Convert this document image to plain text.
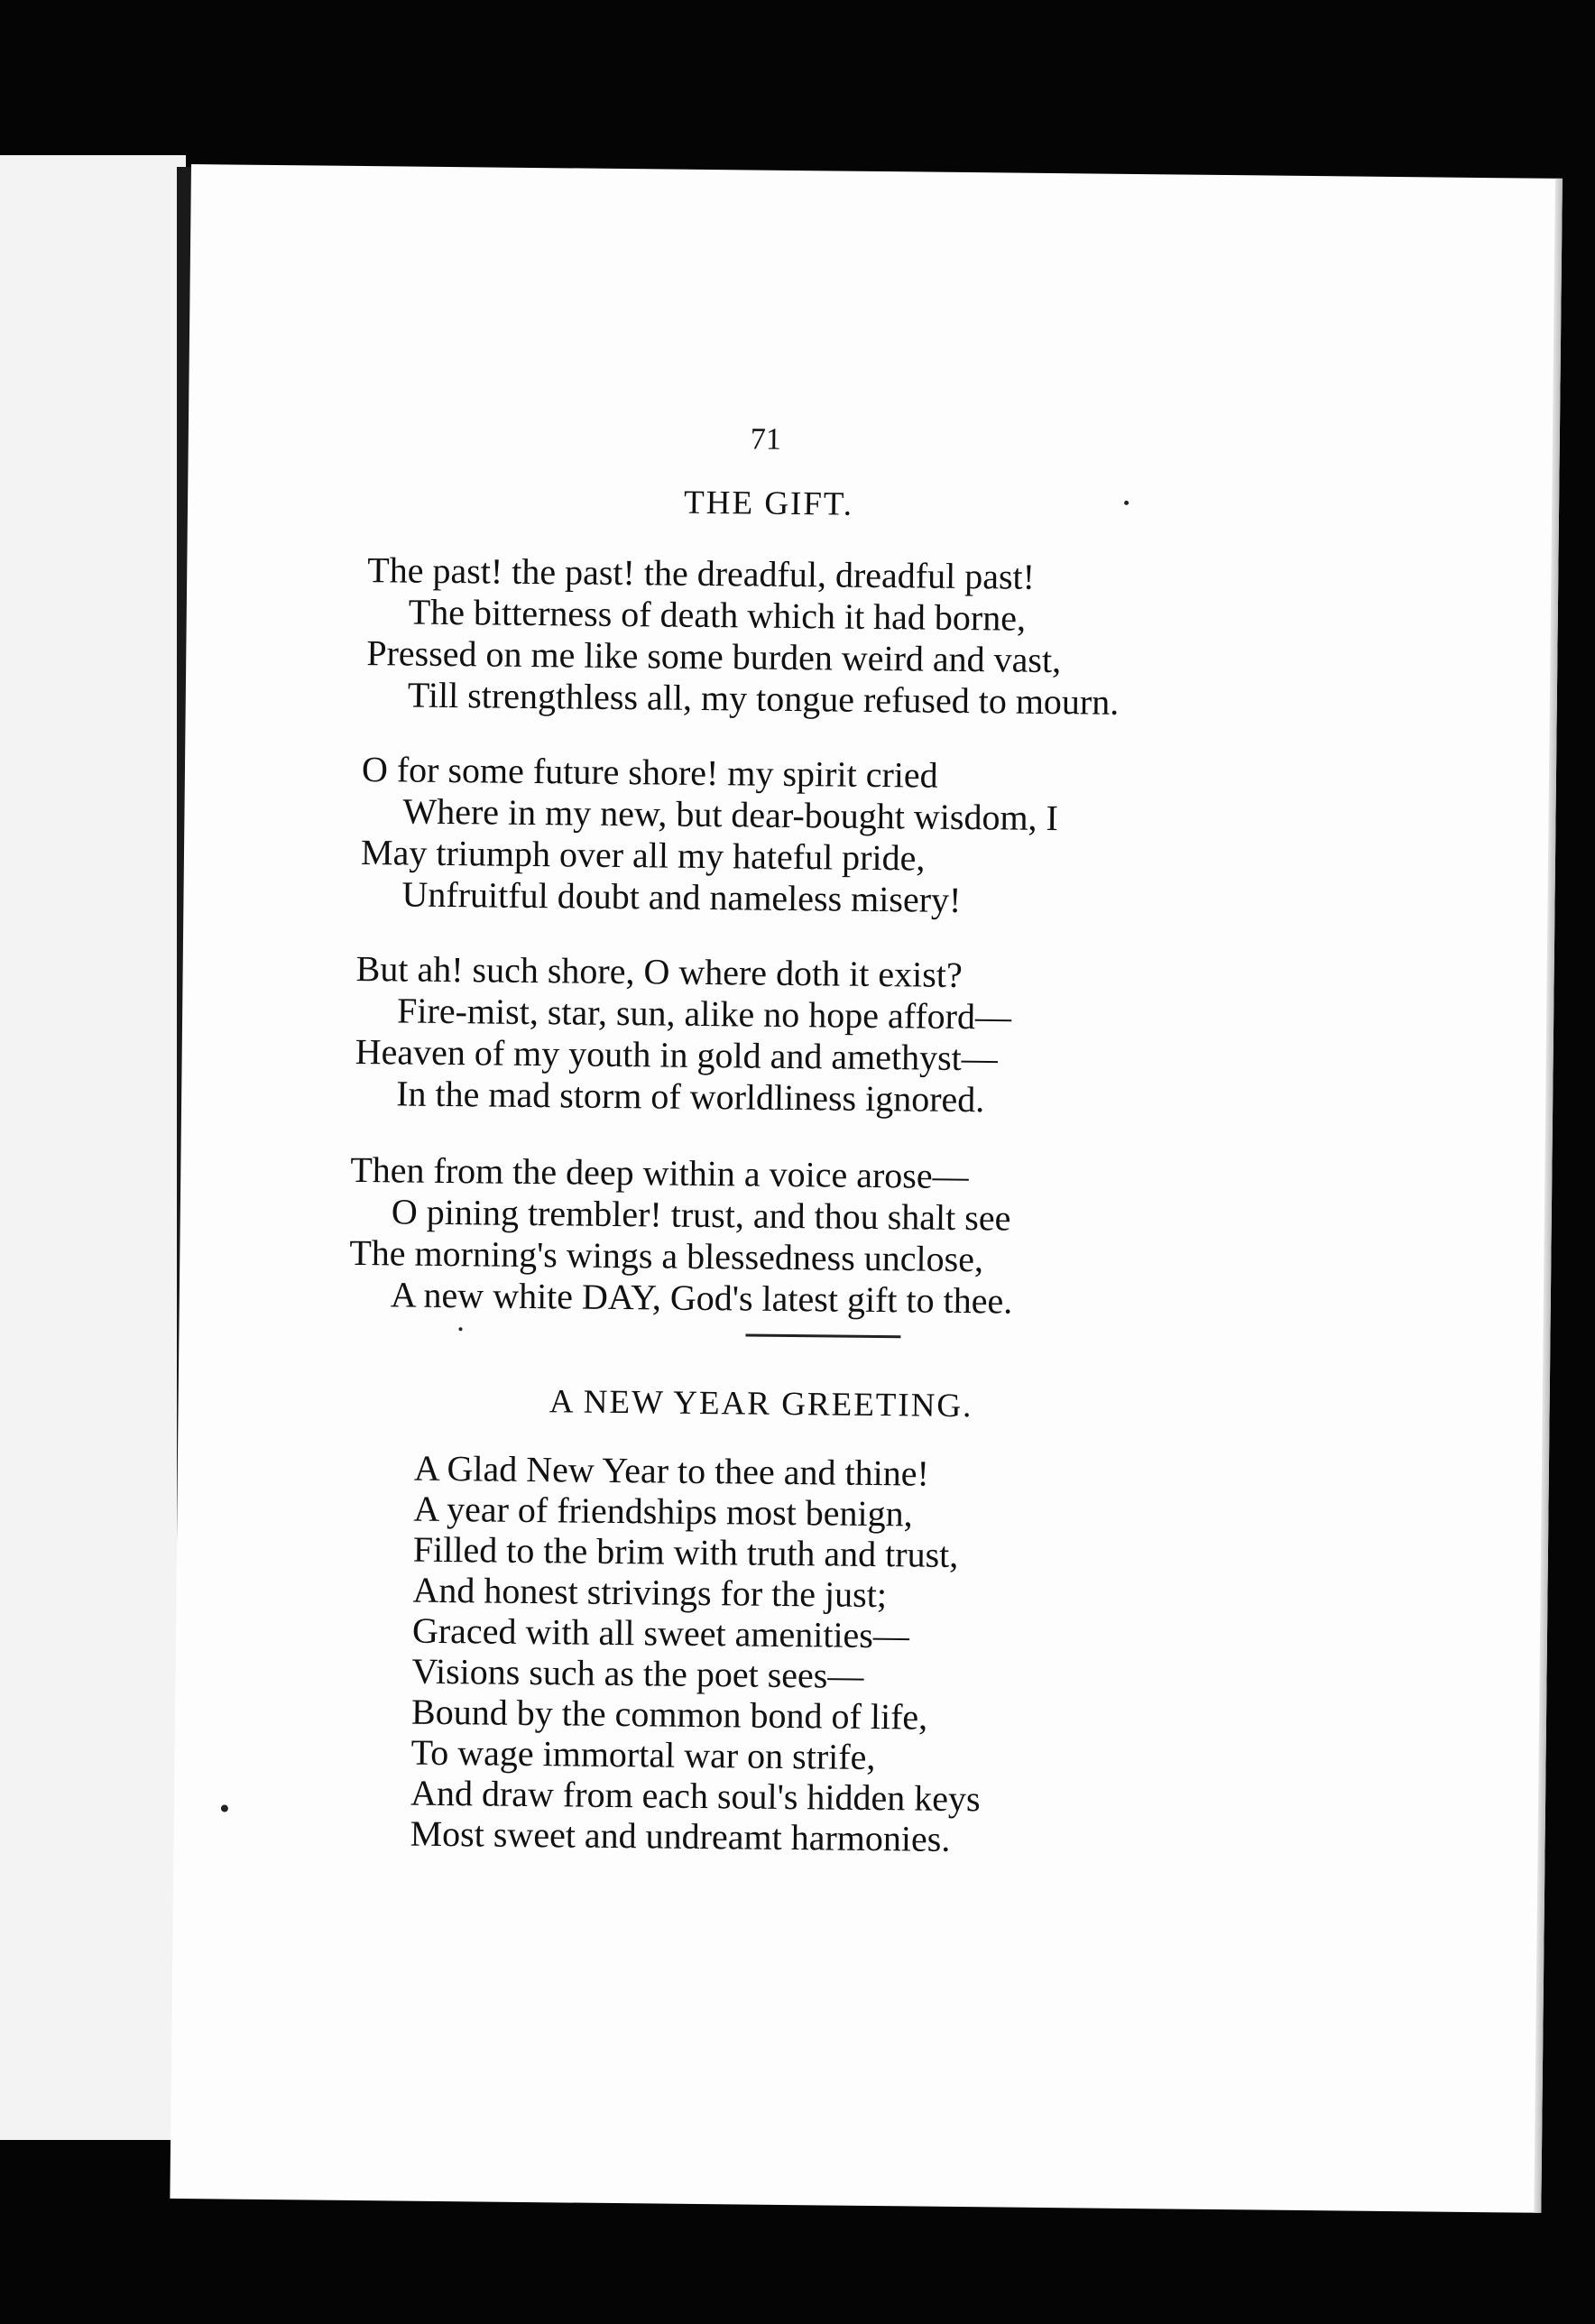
71
THE GIFT.
The past! the past! the dreadful, dreadful past!
The bitterness of death which it had borne,
Pressed on me like some burden weird and vast,
Till strengthless all, my tongue refused to mourn.
O for some future shore! my spirit cried
Where in my new, but dear-bought wisdom, I
May triumph over all my hateful pride,
Unfruitful doubt and nameless misery!
But ah! such shore, O where doth it exist?
Fire-mist, star, sun, alike no hope afford—
Heaven of my youth in gold and amethyst—
In the mad storm of worldliness ignored.
Then from the deep within a voice arose—
O pining trembler! trust, and thou shalt see
The morning's wings a blessedness unclose,
A new white DAY, God's latest gift to thee.
A NEW YEAR GREETING.
A Glad New Year to thee and thine!
A year of friendships most benign,
Filled to the brim with truth and trust,
And honest strivings for the just;
Graced with all sweet amenities—
Visions such as the poet sees—
Bound by the common bond of life,
To wage immortal war on strife,
And draw from each soul's hidden keys
Most sweet and undreamt harmonies.
